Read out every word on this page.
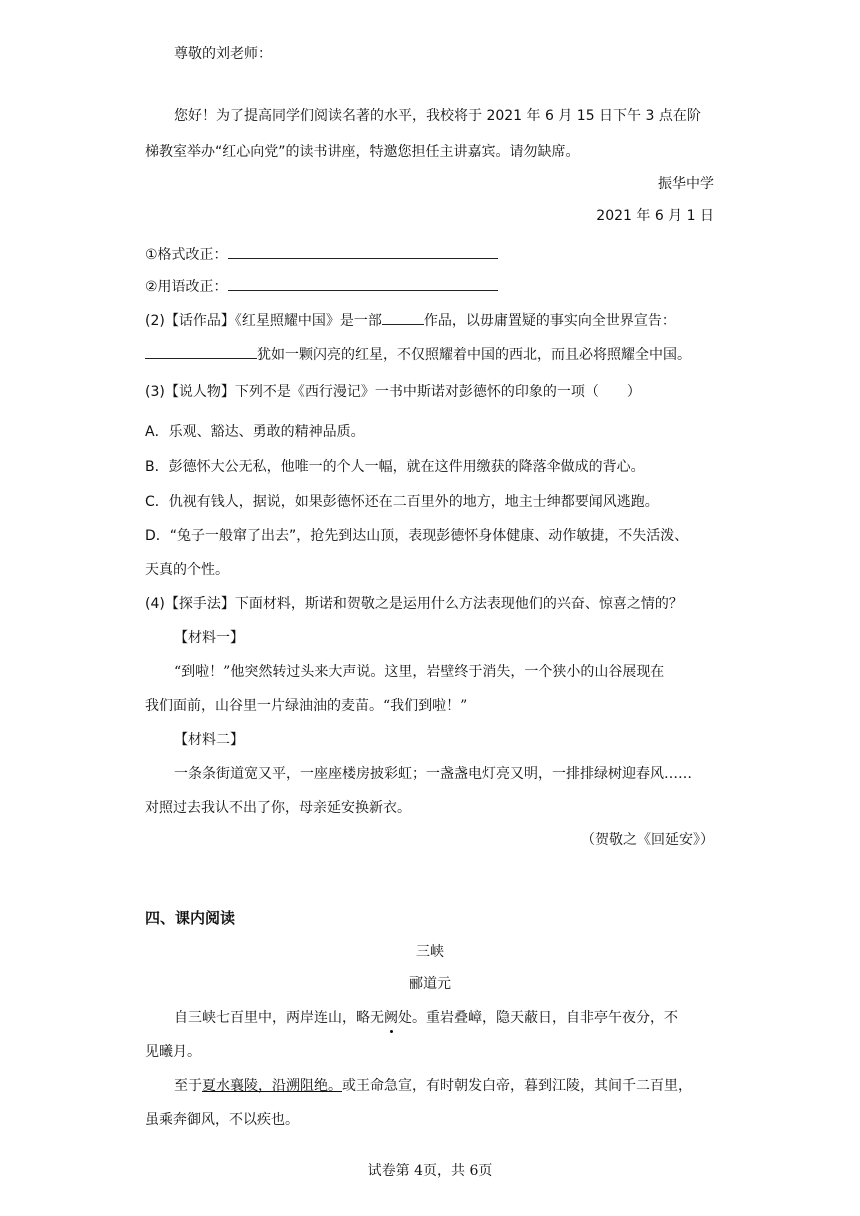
尊敬的刘老师：
您好！为了提高同学们阅读名著的水平，我校将于 2021 年 6 月 15 日下午 3 点在阶
梯教室举办“红心向党”的读书讲座，特邀您担任主讲嘉宾。请勿缺席。
振华中学
2021 年 6 月 1 日
①格式改正：
②用语改正：
(2)【话作品】《红星照耀中国》是一部	作品，以毋庸置疑的事实向全世界宣告：
犹如一颗闪亮的红星，不仅照耀着中国的西北，而且必将照耀全中国。
(3)【说人物】下列不是《西行漫记》一书中斯诺对彭德怀的印象的一项（　　）
A．乐观、豁达、勇敢的精神品质。
B．彭德怀大公无私，他唯一的个人一幅，就在这件用缴获的降落伞做成的背心。
C．仇视有钱人，据说，如果彭德怀还在二百里外的地方，地主士绅都要闻风逃跑。
D．“兔子一般窜了出去”，抢先到达山顶，表现彭德怀身体健康、动作敏捷，不失活泼、
天真的个性。
(4)【探手法】下面材料，斯诺和贺敬之是运用什么方法表现他们的兴奋、惊喜之情的？
【材料一】
“到啦！”他突然转过头来大声说。这里，岩壁终于消失，一个狭小的山谷展现在
我们面前，山谷里一片绿油油的麦苗。“我们到啦！”
【材料二】
一条条街道宽又平，一座座楼房披彩虹；一盏盏电灯亮又明，一排排绿树迎春风……
对照过去我认不出了你，母亲延安换新衣。
（贺敬之《回延安》）
四、课内阅读
三峡
郦道元
自三峡七百里中，两岸连山，略无阙处。重岩叠嶂，隐天蔽日，自非亭午夜分，不
见曦月。
至于夏水襄陵，沿溯阻绝。或王命急宣，有时朝发白帝，暮到江陵，其间千二百里，
虽乘奔御风，不以疾也。
试卷第 4页，共 6页
